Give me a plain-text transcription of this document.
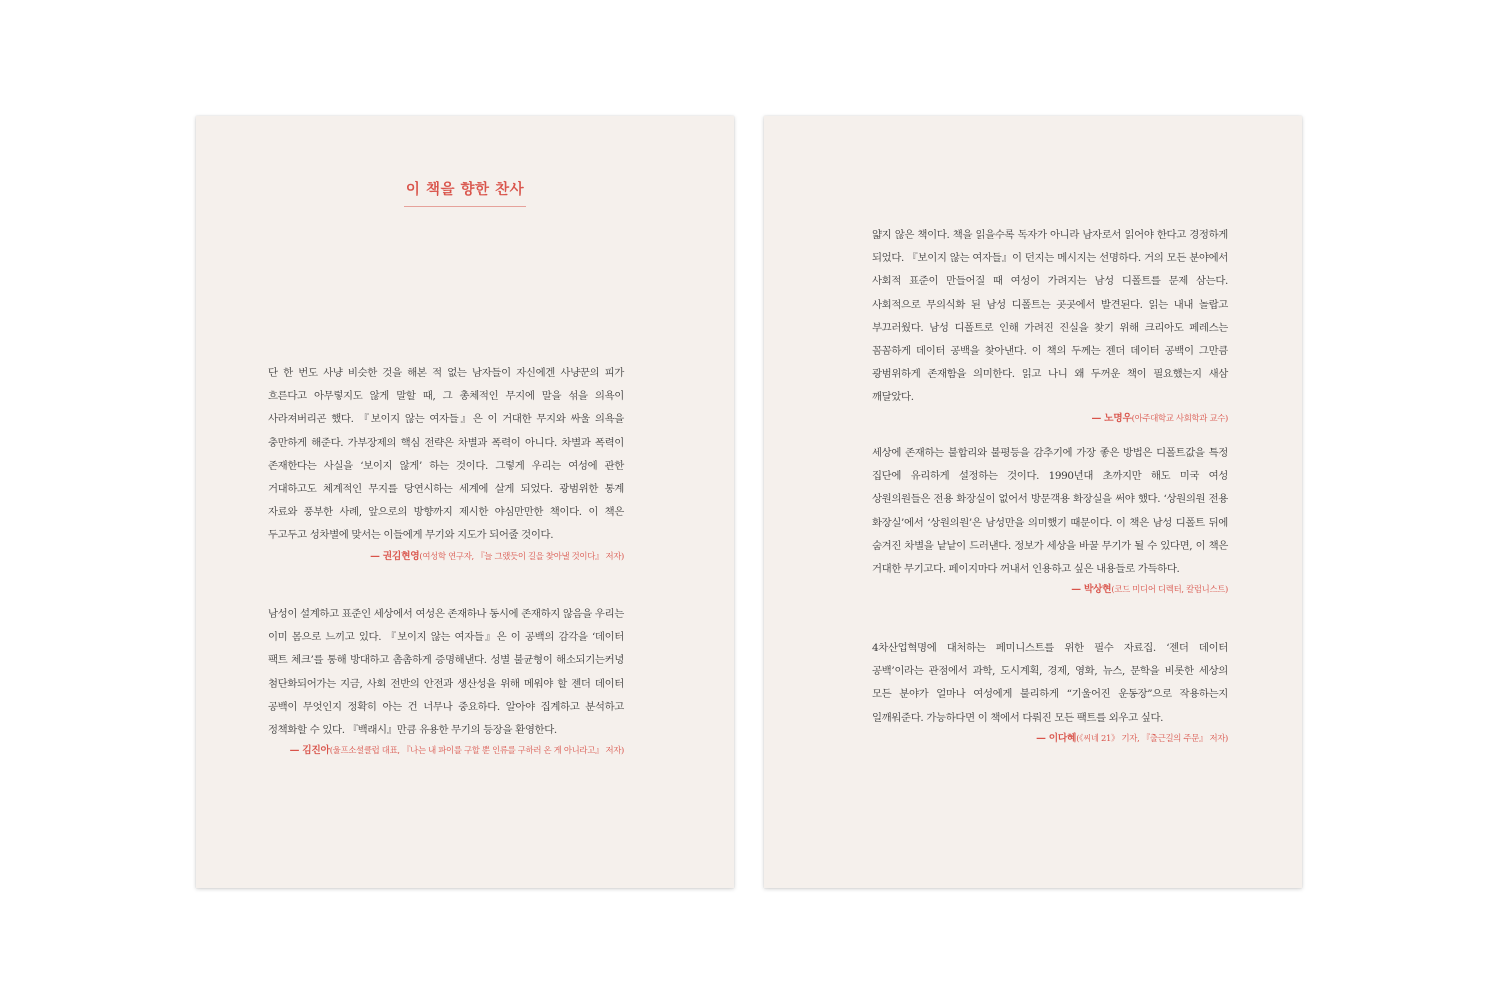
이 책을 향한 찬사

단 한 번도 사냥 비슷한 것을 해본 적 없는 남자들이 자신에겐 사냥꾼의 피가 흐른다고 아무렇지도 않게 말할 때, 그 총체적인 무지에 말을 섞을 의욕이 사라져버리곤 했다. 『보이지 않는 여자들』은 이 거대한 무지와 싸울 의욕을 충만하게 해준다. 가부장제의 핵심 전략은 차별과 폭력이 아니다. 차별과 폭력이 존재한다는 사실을 ‘보이지 않게’ 하는 것이다. 그렇게 우리는 여성에 관한 거대하고도 체계적인 무지를 당연시하는 세계에 살게 되었다. 광범위한 통계 자료와 풍부한 사례, 앞으로의 방향까지 제시한 야심만만한 책이다. 이 책은 두고두고 성차별에 맞서는 이들에게 무기와 지도가 되어줄 것이다.

— 권김현영(여성학 연구자, 『늘 그랬듯이 길을 찾아낼 것이다』 저자)

남성이 설계하고 표준인 세상에서 여성은 존재하나 동시에 존재하지 않음을 우리는 이미 몸으로 느끼고 있다. 『보이지 않는 여자들』은 이 공백의 감각을 ‘데이터 팩트 체크’를 통해 방대하고 촘촘하게 증명해낸다. 성별 불균형이 해소되기는커녕 첨단화되어가는 지금, 사회 전반의 안전과 생산성을 위해 메워야 할 젠더 데이터 공백이 무엇인지 정확히 아는 건 너무나 중요하다. 알아야 집계하고 분석하고 정책화할 수 있다. 『백래시』만큼 유용한 무기의 등장을 환영한다.

— 김진아(울프소셜클럽 대표, 『나는 내 파이를 구할 뿐 인류를 구하러 온 게 아니라고』 저자)

얇지 않은 책이다. 책을 읽을수록 독자가 아니라 남자로서 읽어야 한다고 경정하게 되었다. 『보이지 않는 여자들』이 던지는 메시지는 선명하다. 거의 모든 분야에서 사회적 표준이 만들어질 때 여성이 가려지는 남성 디폴트를 문제 삼는다. 사회적으로 무의식화 된 남성 디폴트는 곳곳에서 발견된다. 읽는 내내 놀랍고 부끄러웠다. 남성 디폴트로 인해 가려진 진실을 찾기 위해 크리아도 페레스는 꼼꼼하게 데이터 공백을 찾아낸다. 이 책의 두께는 젠더 데이터 공백이 그만큼 광범위하게 존재함을 의미한다. 읽고 나니 왜 두꺼운 책이 필요했는지 새삼 깨달았다.

— 노명우(아주대학교 사회학과 교수)

세상에 존재하는 불합리와 불평등을 감추기에 가장 좋은 방법은 디폴트값을 특정 집단에 유리하게 설정하는 것이다. 1990년대 초까지만 해도 미국 여성 상원의원들은 전용 화장실이 없어서 방문객용 화장실을 써야 했다. ‘상원의원 전용 화장실’에서 ‘상원의원’은 남성만을 의미했기 때문이다. 이 책은 남성 디폴트 뒤에 숨겨진 차별을 낱낱이 드러낸다. 정보가 세상을 바꿀 무기가 될 수 있다면, 이 책은 거대한 무기고다. 페이지마다 꺼내서 인용하고 싶은 내용들로 가득하다.

— 박상현(코드 미디어 디렉터, 칼럼니스트)

4차산업혁명에 대처하는 페미니스트를 위한 필수 자료집. ‘젠더 데이터 공백’이라는 관점에서 과학, 도시계획, 경제, 영화, 뉴스, 문학을 비롯한 세상의 모든 분야가 얼마나 여성에게 불리하게 “기울어진 운동장”으로 작용하는지 일깨워준다. 가능하다면 이 책에서 다뤄진 모든 팩트를 외우고 싶다.

— 이다혜(《씨네 21》 기자, 『출근길의 주문』 저자)
